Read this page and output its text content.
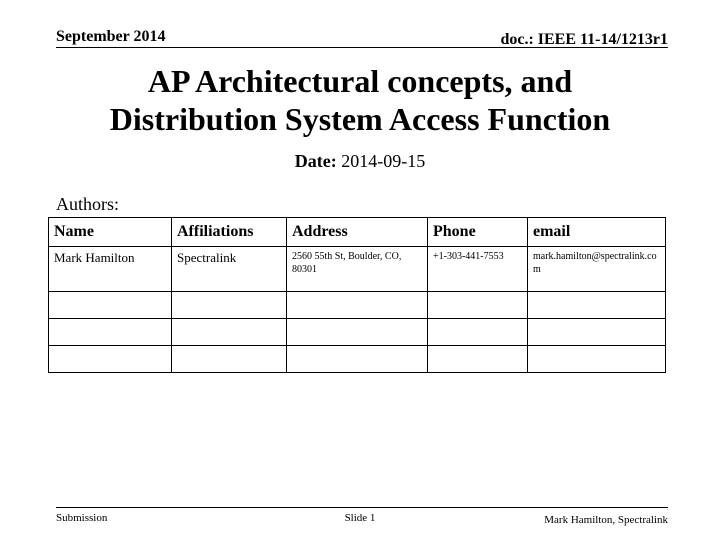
September 2014	doc.: IEEE 11-14/1213r1
AP Architectural concepts, and
Distribution System Access Function
Date: 2014-09-15
Authors:
Name	Affiliations	Address	Phone	email
Mark Hamilton	Spectralink	2560 55th St, Boulder, CO, 80301	+1-303-441-7553	mark.hamilton@spectralink.com

Submission	Slide 1	Mark Hamilton, Spectralink
